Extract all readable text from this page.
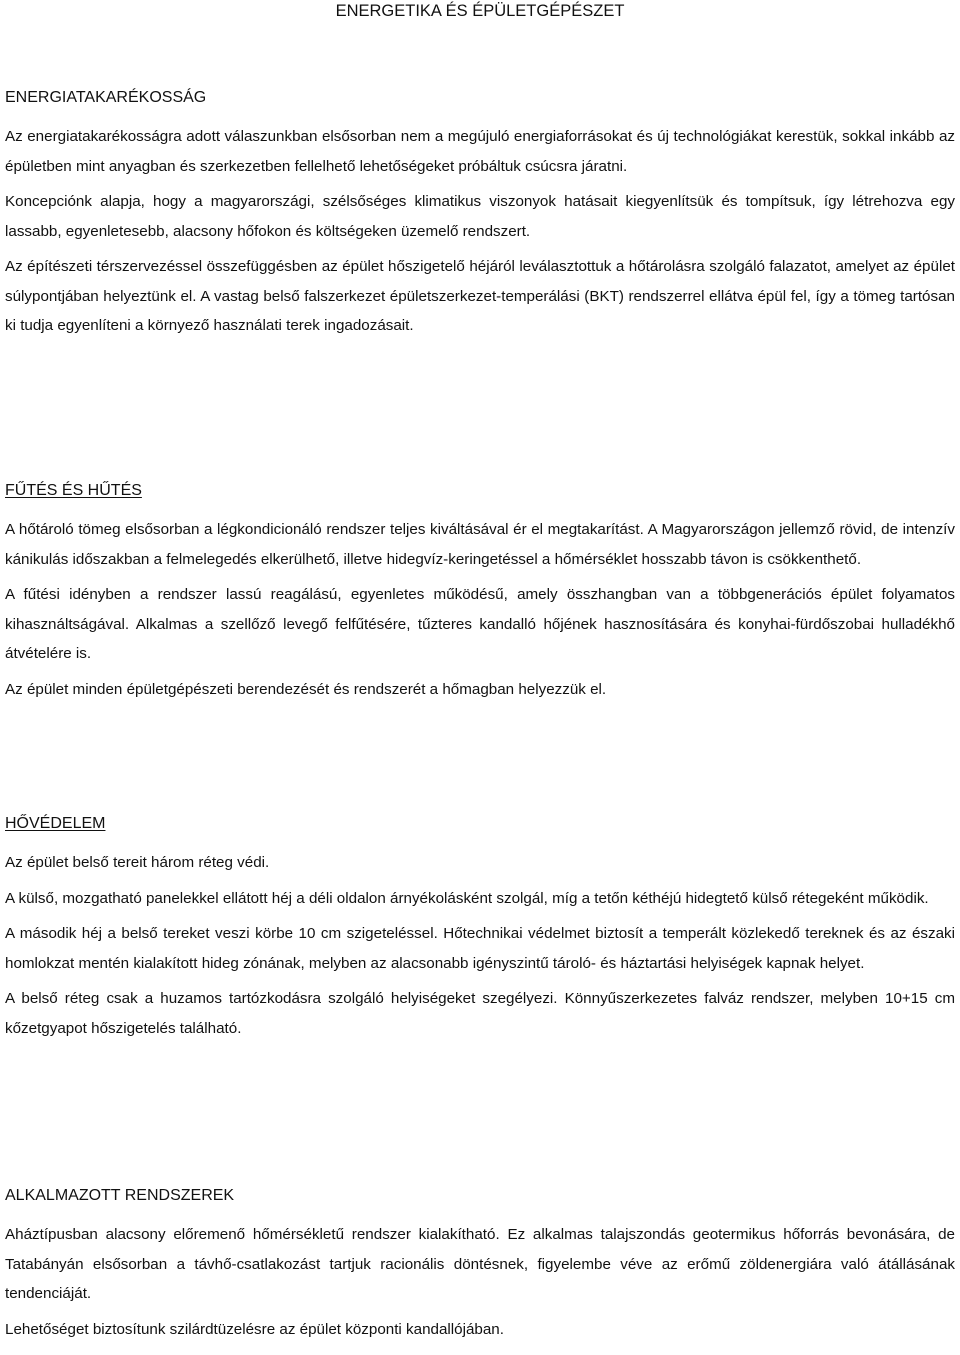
ENERGETIKA ÉS ÉPÜLETGÉPÉSZET
ENERGIATAKARÉKOSSÁG

Az energiatakarékosságra adott válaszunkban elsősorban nem a megújuló energiaforrásokat és új technológiákat kerestük, sokkal inkább az épületben mint anyagban és szerkezetben fellelhető lehetőségeket próbáltuk csúcsra járatni.

Koncepciónk alapja, hogy a magyarországi, szélsőséges klimatikus viszonyok hatásait kiegyenlítsük és tompítsuk, így létrehozva egy lassabb, egyenletesebb, alacsony hőfokon és költségeken üzemelő rendszert.

Az építészeti térszervezéssel összefüggésben az épület hőszigetelő héjáról leválasztottuk a hőtárolásra szolgáló falazatot, amelyet az épület súlypontjában helyeztünk el. A vastag belső falszerkezet épületszerkezet-temperálási (BKT) rendszerrel ellátva épül fel, így a tömeg tartósan ki tudja egyenlíteni a környező használati terek ingadozásait.

FŰTÉS ÉS HŰTÉS

A hőtároló tömeg elsősorban a légkondicionáló rendszer teljes kiváltásával ér el megtakarítást. A Magyarországon jellemző rövid, de intenzív kánikulás időszakban a felmelegedés elkerülhető, illetve hidegvíz-keringetéssel a hőmérséklet hosszabb távon is csökkenthető.

A fűtési idényben a rendszer lassú reagálású, egyenletes működésű, amely összhangban van a többgenerációs épület folyamatos kihasználtságával. Alkalmas a szellőző levegő felfűtésére, tűzteres kandalló hőjének hasznosítására és konyhai-fürdőszobai hulladékhő átvételére is.

Az épület minden épületgépészeti berendezését és rendszerét a hőmagban helyezzük el.

HŐVÉDELEM

Az épület belső tereit három réteg védi.

A külső, mozgatható panelekkel ellátott héj a déli oldalon árnyékolásként szolgál, míg a tetőn kéthéjú hidegtető külső rétegeként működik.

A második héj a belső tereket veszi körbe 10 cm szigeteléssel. Hőtechnikai védelmet biztosít a temperált közlekedő tereknek és az északi homlokzat mentén kialakított hideg zónának, melyben az alacsonabb igényszintű tároló- és háztartási helyiségek kapnak helyet.

A belső réteg csak a huzamos tartózkodásra szolgáló helyiségeket szegélyezi. Könnyűszerkezetes falváz rendszer, melyben 10+15 cm kőzetgyapot hőszigetelés található.

ALKALMAZOTT RENDSZEREK

Aháztípusban alacsony előremenő hőmérsékletű rendszer kialakítható. Ez alkalmas talajszondás geotermikus hőforrás bevonására, de Tatabányán elsősorban a távhő-csatlakozást tartjuk racionális döntésnek, figyelembe véve az erőmű zöldenergiára való átállásának tendenciáját.

Lehetőséget biztosítunk szilárdtüzelésre az épület központi kandallójában.
